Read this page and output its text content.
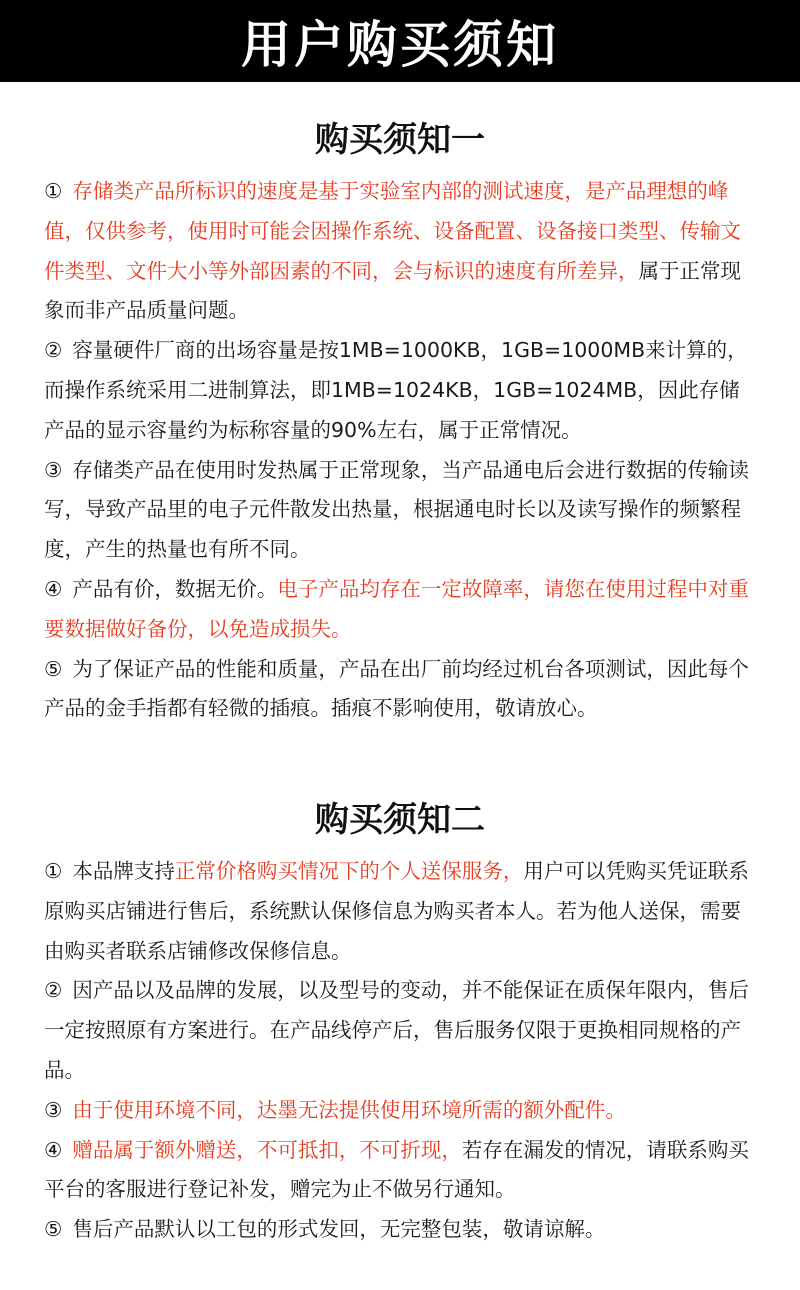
用户购买须知
购买须知一

① 存储类产品所标识的速度是基于实验室内部的测试速度，是产品理想的峰值，仅供参考，使用时可能会因操作系统、设备配置、设备接口类型、传输文件类型、文件大小等外部因素的不同，会与标识的速度有所差异，属于正常现象而非产品质量问题。

② 容量硬件厂商的出场容量是按1MB=1000KB，1GB=1000MB来计算的，而操作系统采用二进制算法，即1MB=1024KB，1GB=1024MB，因此存储产品的显示容量约为标称容量的90%左右，属于正常情况。

③ 存储类产品在使用时发热属于正常现象，当产品通电后会进行数据的传输读写，导致产品里的电子元件散发出热量，根据通电时长以及读写操作的频繁程度，产生的热量也有所不同。

④ 产品有价，数据无价。电子产品均存在一定故障率，请您在使用过程中对重要数据做好备份，以免造成损失。

⑤ 为了保证产品的性能和质量，产品在出厂前均经过机台各项测试，因此每个产品的金手指都有轻微的插痕。插痕不影响使用，敬请放心。

购买须知二

① 本品牌支持正常价格购买情况下的个人送保服务，用户可以凭购买凭证联系原购买店铺进行售后，系统默认保修信息为购买者本人。若为他人送保，需要由购买者联系店铺修改保修信息。

② 因产品以及品牌的发展，以及型号的变动，并不能保证在质保年限内，售后一定按照原有方案进行。在产品线停产后，售后服务仅限于更换相同规格的产品。

③ 由于使用环境不同，达墨无法提供使用环境所需的额外配件。

④ 赠品属于额外赠送，不可抵扣，不可折现，若存在漏发的情况，请联系购买平台的客服进行登记补发，赠完为止不做另行通知。

⑤ 售后产品默认以工包的形式发回，无完整包装，敬请谅解。
